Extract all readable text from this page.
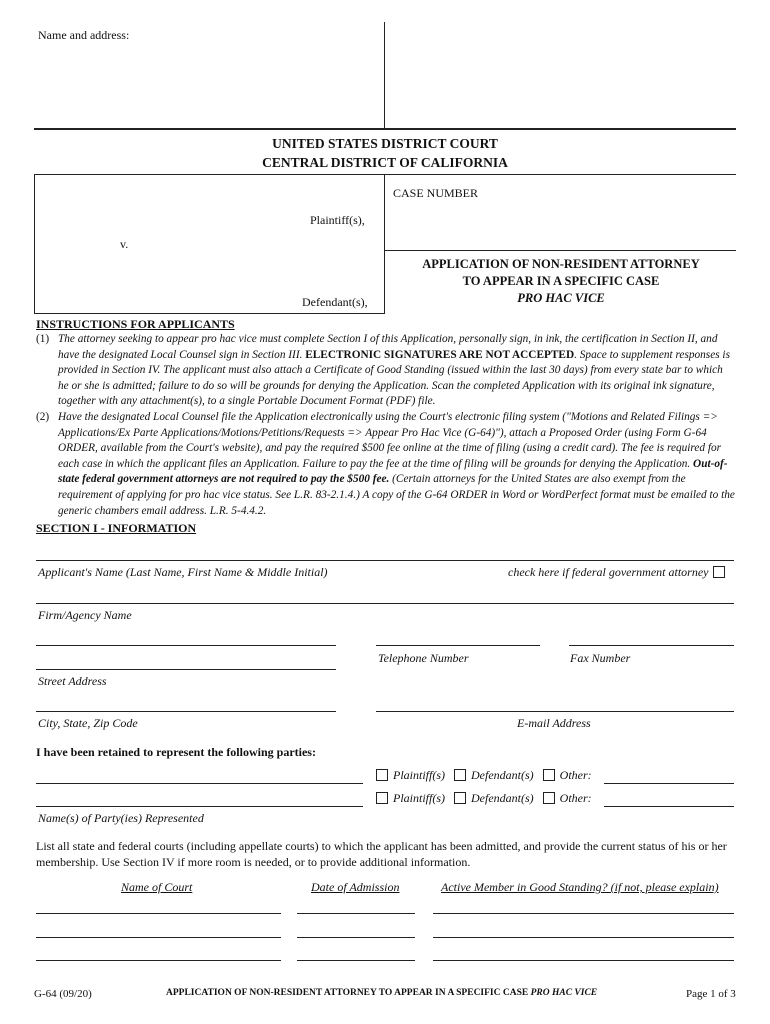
Name and address:
UNITED STATES DISTRICT COURT
CENTRAL DISTRICT OF CALIFORNIA
CASE NUMBER
Plaintiff(s),
v.
Defendant(s),
APPLICATION OF NON-RESIDENT ATTORNEY
TO APPEAR IN A SPECIFIC CASE
PRO HAC VICE
INSTRUCTIONS FOR APPLICANTS

(1) The attorney seeking to appear pro hac vice must complete Section I of this Application, personally sign, in ink, the certification in Section II, and have the designated Local Counsel sign in Section III. ELECTRONIC SIGNATURES ARE NOT ACCEPTED. Space to supplement responses is provided in Section IV. The applicant must also attach a Certificate of Good Standing (issued within the last 30 days) from every state bar to which he or she is admitted; failure to do so will be grounds for denying the Application. Scan the completed Application with its original ink signature, together with any attachment(s), to a single Portable Document Format (PDF) file.

(2) Have the designated Local Counsel file the Application electronically using the Court's electronic filing system ("Motions and Related Filings => Applications/Ex Parte Applications/Motions/Petitions/Requests => Appear Pro Hac Vice (G-64)"), attach a Proposed Order (using Form G-64 ORDER, available from the Court's website), and pay the required $500 fee online at the time of filing (using a credit card). The fee is required for each case in which the applicant files an Application. Failure to pay the fee at the time of filing will be grounds for denying the Application. Out-of-state federal government attorneys are not required to pay the $500 fee. (Certain attorneys for the United States are also exempt from the requirement of applying for pro hac vice status. See L.R. 83-2.1.4.) A copy of the G-64 ORDER in Word or WordPerfect format must be emailed to the generic chambers email address. L.R. 5-4.4.2.

SECTION I - INFORMATION
Applicant's Name (Last Name, First Name & Middle Initial)	check here if federal government attorney
Firm/Agency Name
Telephone Number	Fax Number
Street Address
City, State, Zip Code	E-mail Address
I have been retained to represent the following parties:
Plaintiff(s) Defendant(s) Other:
Plaintiff(s) Defendant(s) Other:
Name(s) of Party(ies) Represented
List all state and federal courts (including appellate courts) to which the applicant has been admitted, and provide the current status of his or her membership. Use Section IV if more room is needed, or to provide additional information.
Name of Court	Date of Admission	Active Member in Good Standing? (if not, please explain)
G-64 (09/20)	APPLICATION OF NON-RESIDENT ATTORNEY TO APPEAR IN A SPECIFIC CASE PRO HAC VICE	Page 1 of 3
